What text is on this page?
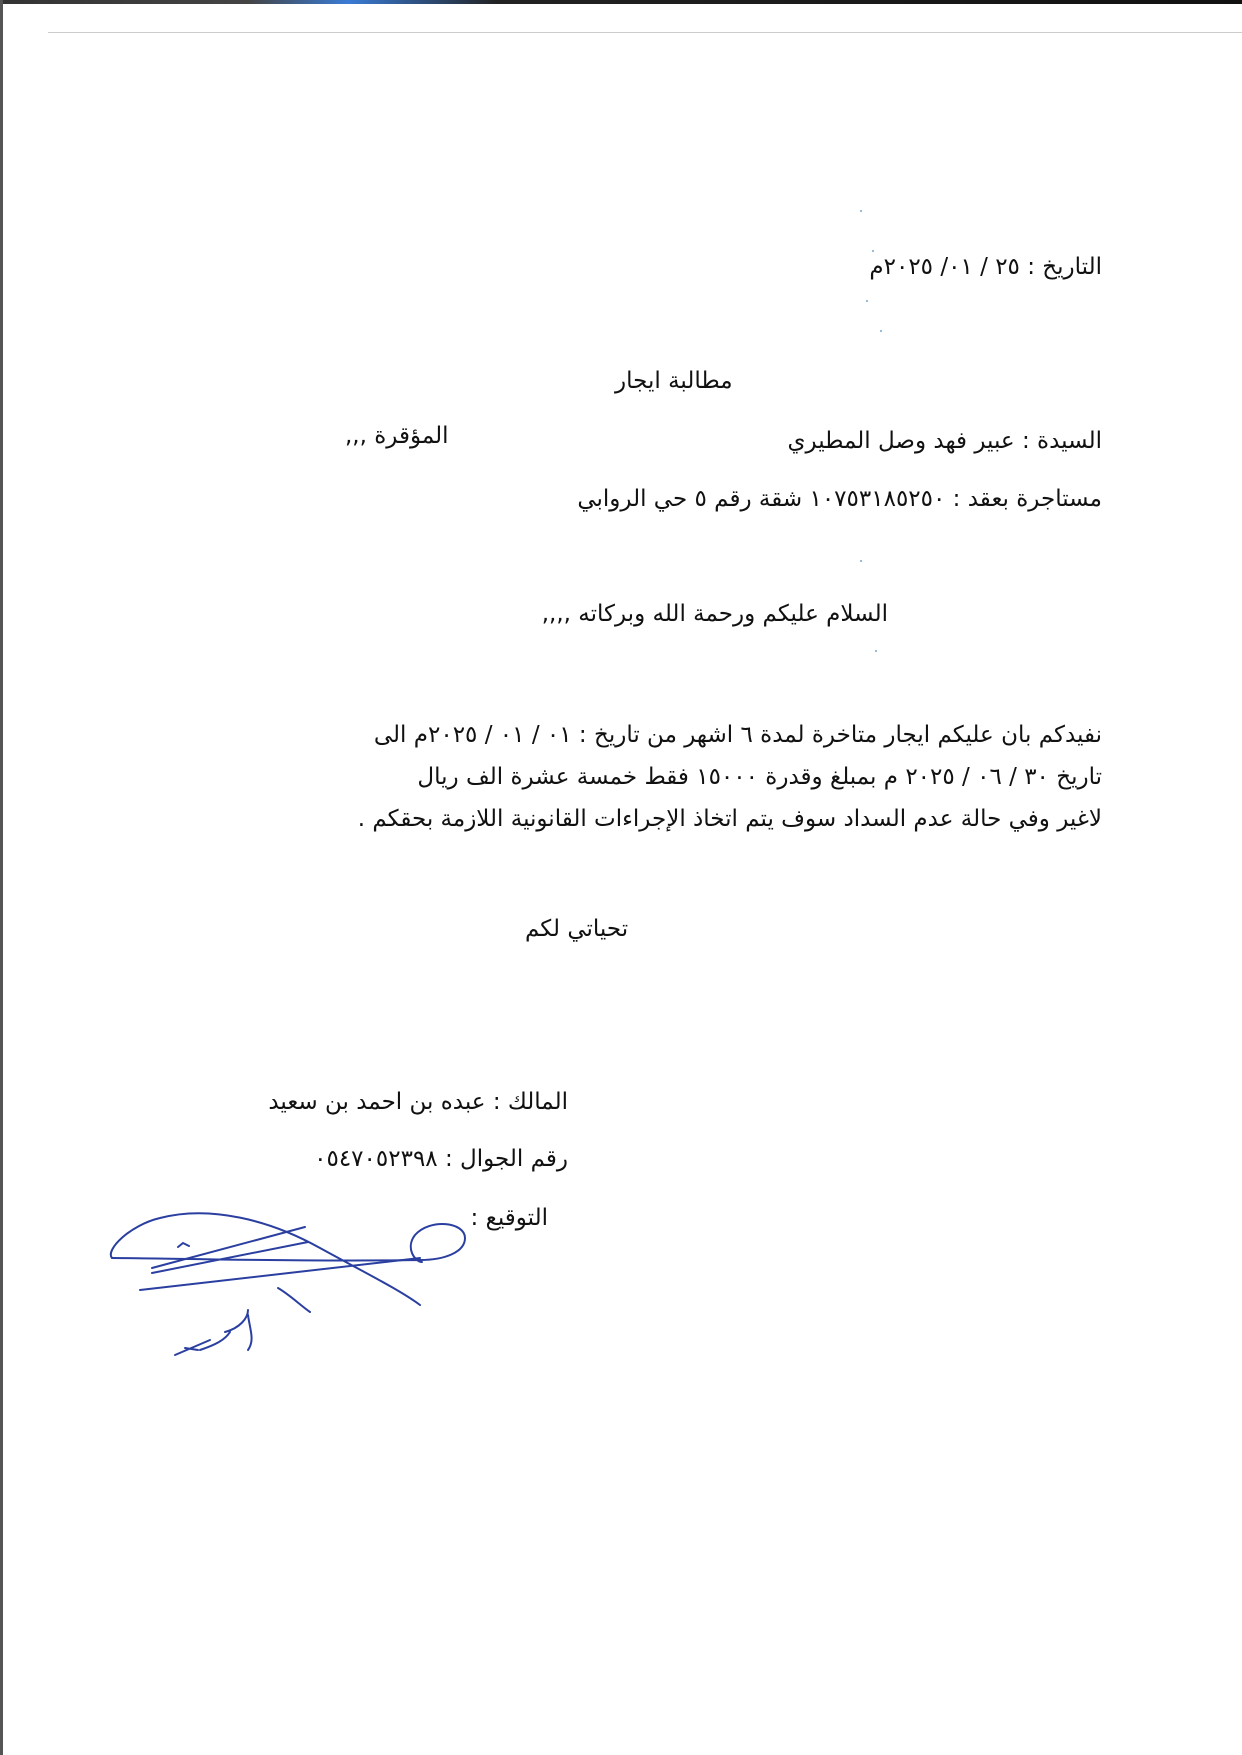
التاريخ : ٢٥ / ٠١/ ٢٠٢٥م
مطالبة ايجار
السيدة : عبير فهد وصل المطيري
المؤقرة ,,,
مستاجرة بعقد : ١٠٧٥٣١٨٥٢٥٠ شقة رقم ٥ حي الروابي
السلام عليكم ورحمة الله وبركاته ,,,,
نفيدكم بان عليكم ايجار متاخرة لمدة ٦ اشهر من تاريخ : ٠١ / ٠١ / ٢٠٢٥م الى
تاريخ ٣٠ / ٠٦ / ٢٠٢٥ م بمبلغ وقدرة ١٥٠٠٠ فقط خمسة عشرة الف ريال
لاغير وفي حالة عدم السداد سوف يتم اتخاذ الإجراءات القانونية اللازمة بحقكم .
تحياتي لكم
المالك : عبده بن احمد بن سعيد
رقم الجوال : ٠٥٤٧٠٥٢٣٩٨
التوقيع :
